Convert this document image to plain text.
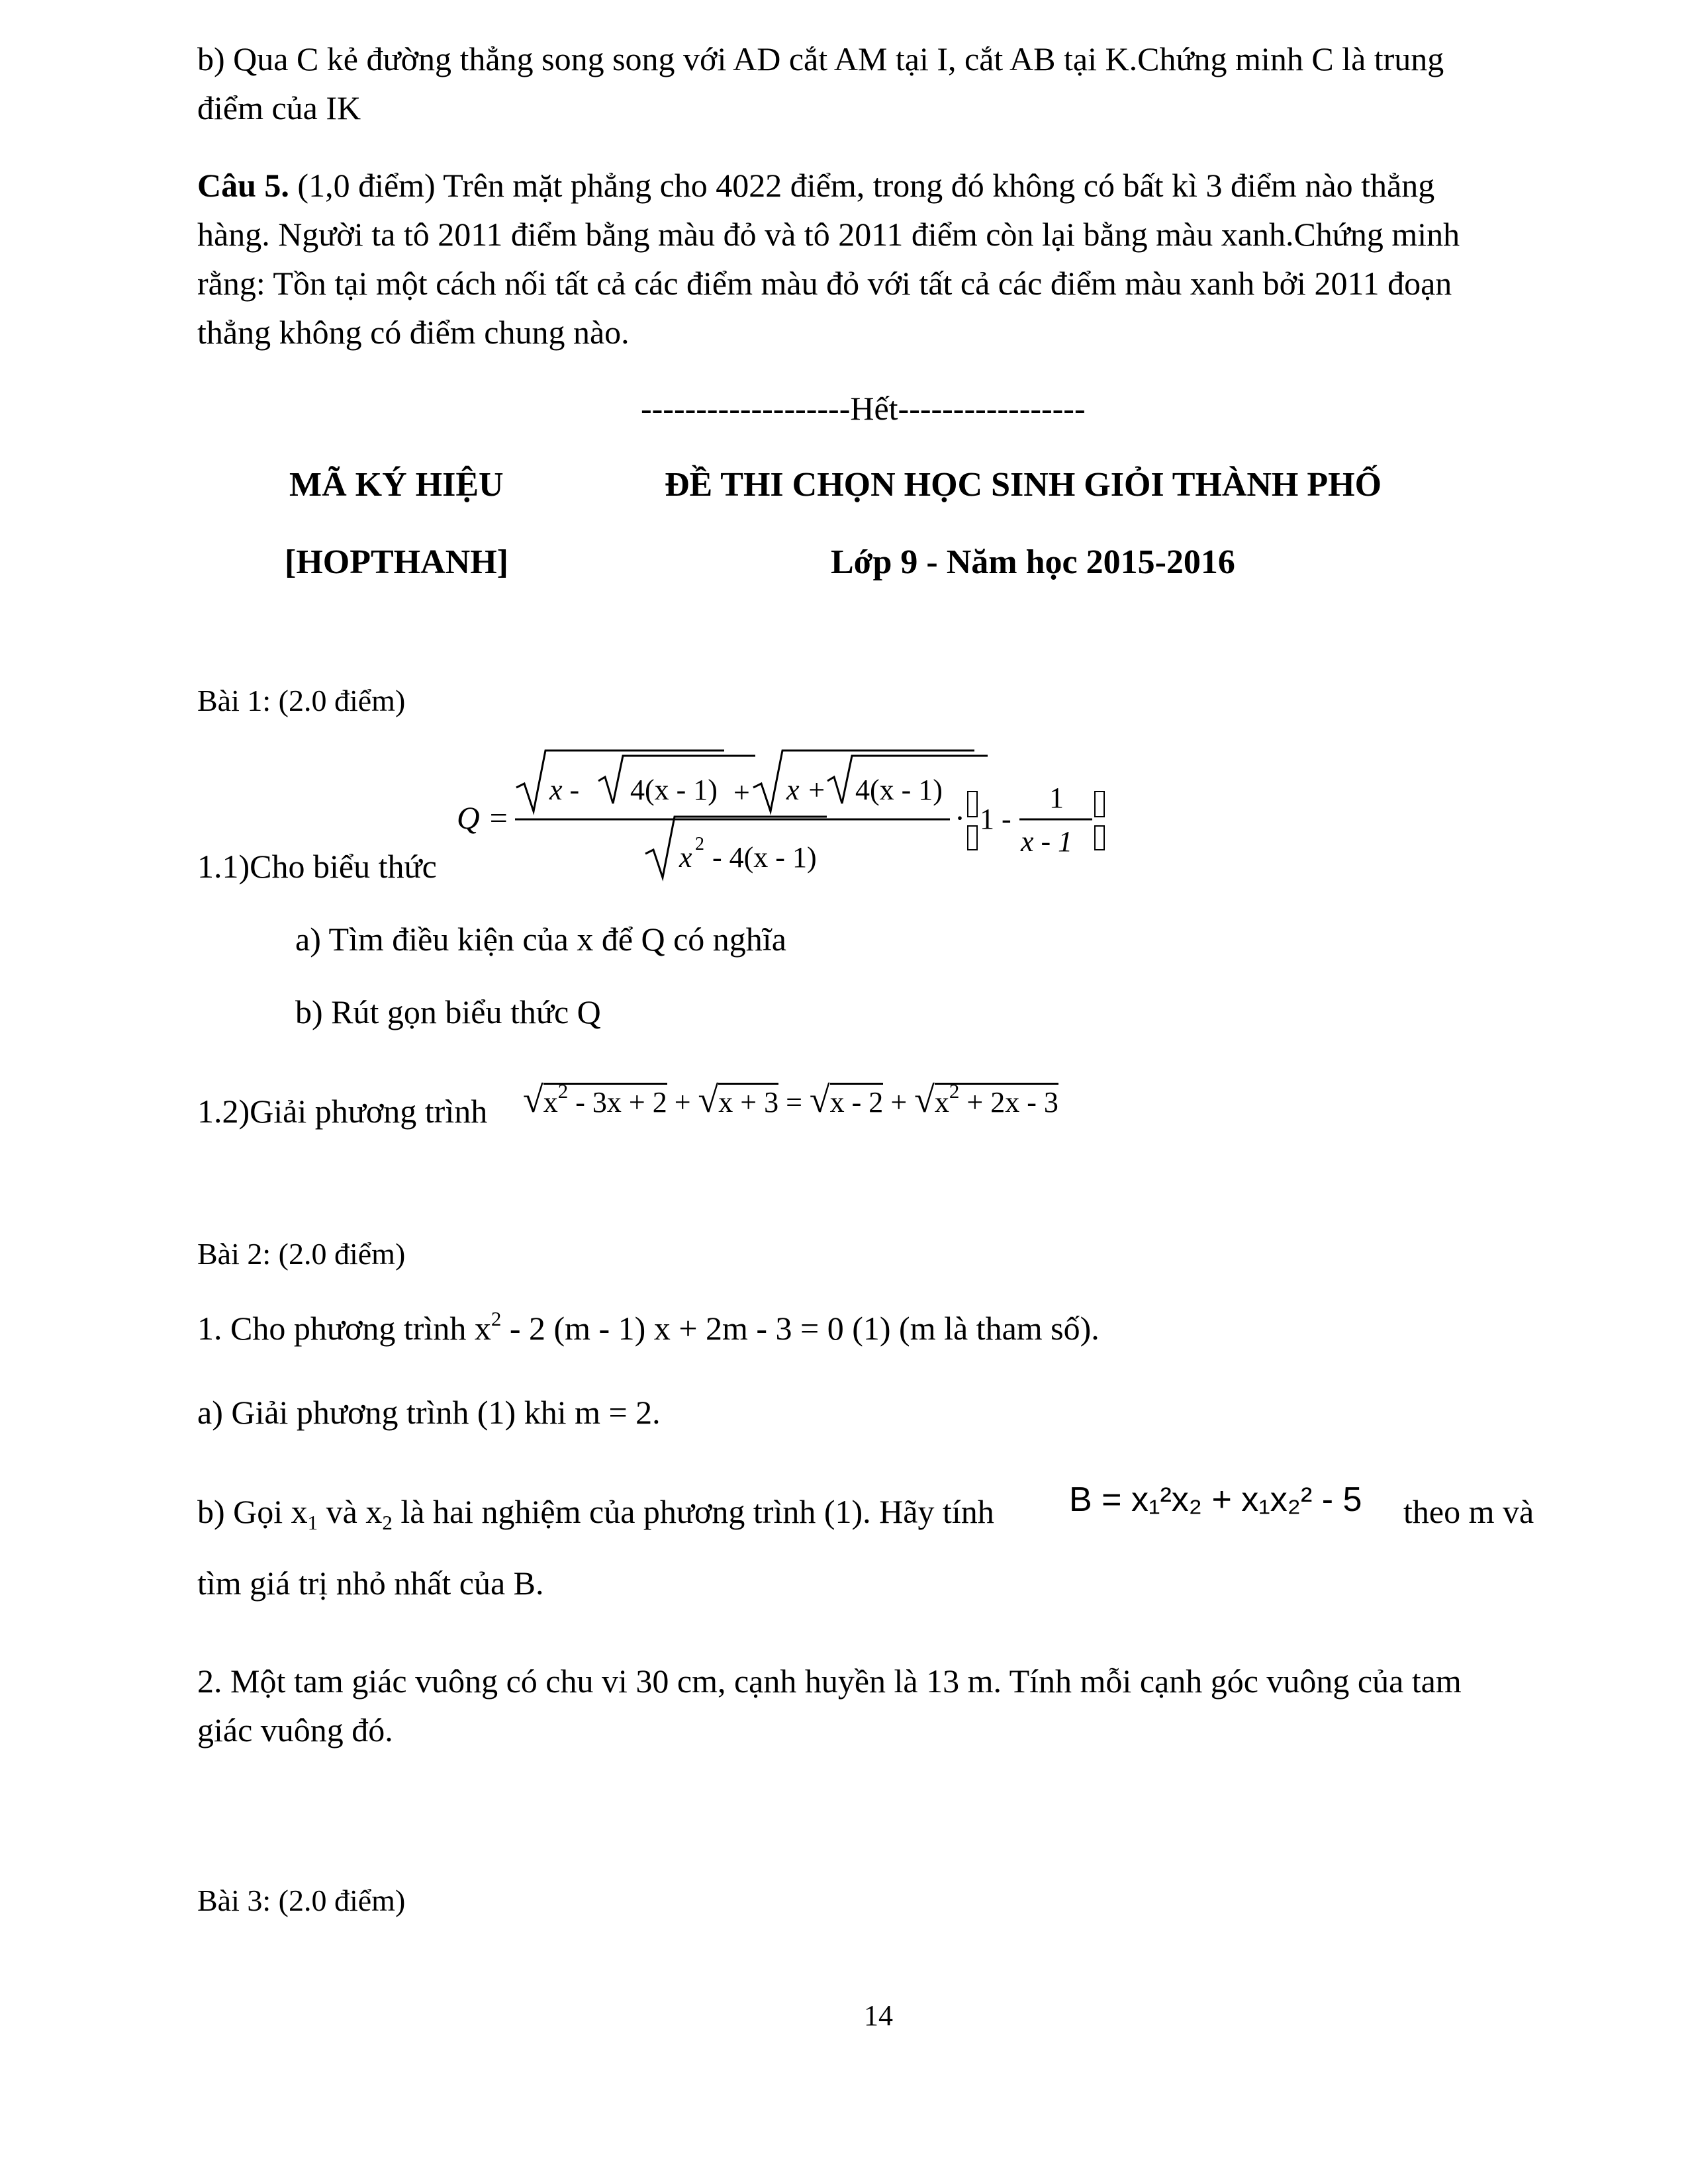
b) Qua C kẻ đường thẳng song song với AD cắt AM tại I, cắt AB tại K.Chứng minh C là trung
điểm của IK

Câu 5. (1,0 điểm) Trên mặt phẳng cho 4022 điểm, trong đó không có bất kì 3 điểm nào thẳng
hàng. Người ta tô 2011 điểm bằng màu đỏ và tô 2011 điểm còn lại bằng màu xanh.Chứng minh
rằng: Tồn tại một cách nối tất cả các điểm màu đỏ với tất cả các điểm màu xanh bởi 2011 đoạn
thẳng không có điểm chung nào.

-------------------Hết-----------------
MÃ KÝ HIỆU	ĐỀ THI CHỌN HỌC SINH GIỎI THÀNH PHỐ
[HOPTHANH]	Lớp 9 - Năm học 2015-2016
Bài 1: (2.0 điểm)
Q =
x - 4(x - 1) + x + 4(x - 1)
x 2 - 4(x - 1)
· 1 -
1
x - 1
1.1)Cho biểu thức
a) Tìm điều kiện của x để Q có nghĩa
b) Rút gọn biểu thức Q
1.2)Giải phương trình $√x^2 - 3x + 2 + √x + 3 = √x - 2 + √x^2 + 2x - 3$
Bài 2: (2.0 điểm)
1. Cho phương trình $x^2 - 2$ (m - 1) x + 2m - 3 = 0 (1) (m là tham số).
a) Giải phương trình (1) khi m = 2.
b) Gọi $x_1$ và $x_2$ là hai nghiệm của phương trình (1). Hãy tính B = x₁²x₂ + x₁x₂² - 5 theo m và
tìm giá trị nhỏ nhất của B.

2. Một tam giác vuông có chu vi 30 cm, cạnh huyền là 13 m. Tính mỗi cạnh góc vuông của tam
giác vuông đó.

Bài 3: (2.0 điểm)
14
